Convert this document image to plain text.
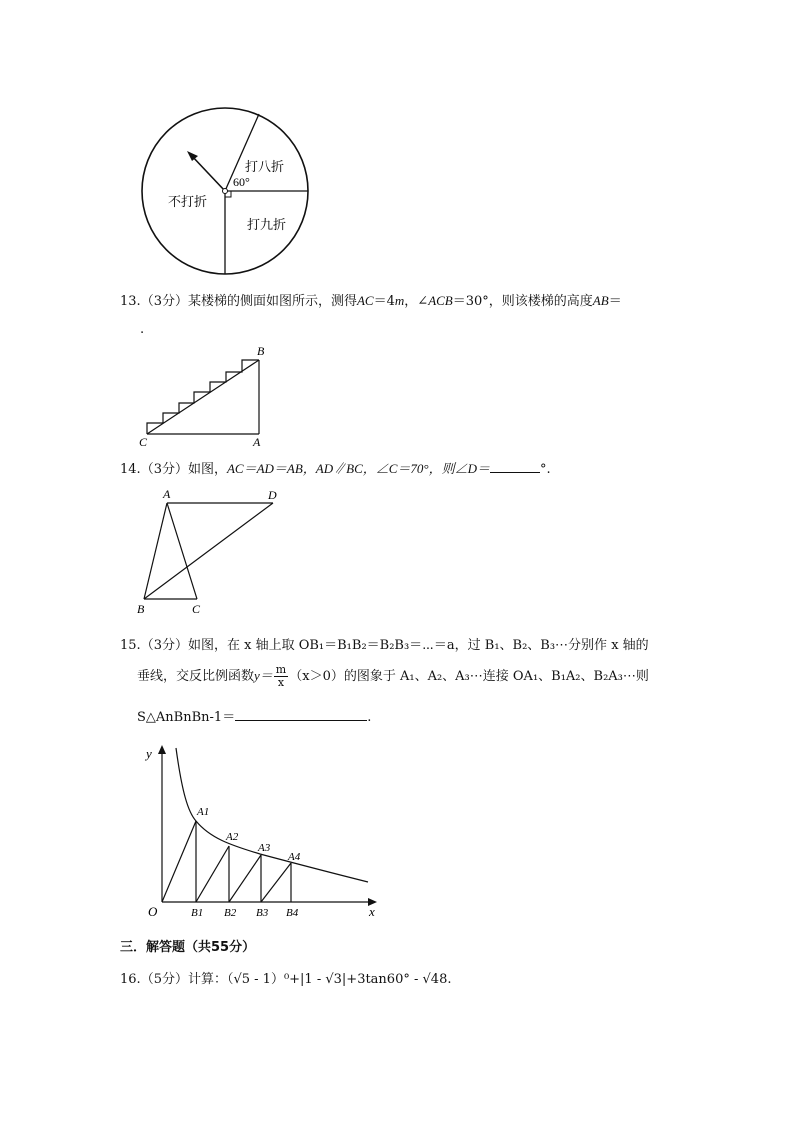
60°
打八折
不打折
打九折
13.（3分）某楼梯的侧面如图所示，测得AC＝4m，∠ACB＝30°，则该楼梯的高度AB＝
.
B
C	A
14.（3分）如图，AC＝AD＝AB，AD∥BC，∠C＝70°，则∠D＝	°.
A	D
B	C
15.（3分）如图，在 x 轴上取 OB₁＝B₁B₂＝B₂B₃＝⋯＝a，过 B₁、B₂、B₃⋯分别作 x 轴的
垂线，交反比例函数$y= \frac{m}{x} (x>0)$的图象于 A₁、A₂、A₃⋯连接 OA₁、B₁A₂、B₂A₃⋯则
S△AnBnBn-1＝	.
y
x
O
A1
A2
A3
A4
B1 B2 B3 B4
三．解答题（共55分）
16.（5分）计算：（√5 - 1）⁰+|1 - √3|+3tan60° - √48.
